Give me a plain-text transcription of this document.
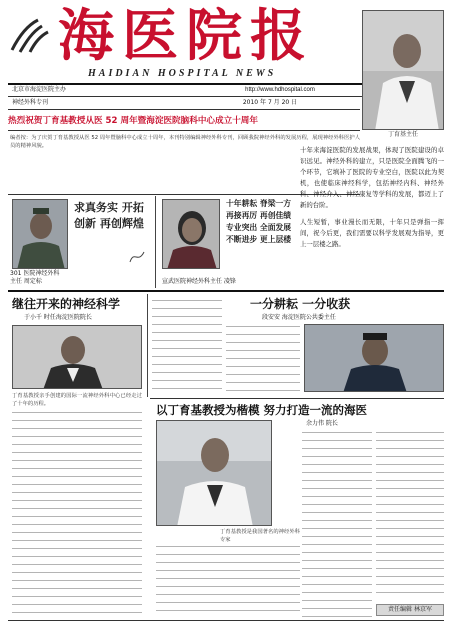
海医院报
HAIDIAN HOSPITAL NEWS
北京市海淀医院主办	http://www.hdhospital.com
神经外科专刊	2010 年 7 月 20 日
丁育基主任
热烈祝贺丁育基教授从医 52 周年暨海淀医院脑科中心成立十周年
编者按：为了庆贺丁育基教授从医 52 周年暨脑科中心成立十周年，本刊特别编辑神经外科专刊，回顾我院神经外科的发展历程，展现神经外科医护人员的精神风貌。	十年来海淀医院的发展战果，体现了医院建设的卓识远见。神经外科的建立，只是医院全面腾飞的一个环节，它填补了医院的专业空白，医院以此为契机，也使临床神经科学，包括神经内科、神经外科、神经介入、神经康复等学科的发展，都迈上了新的台阶。
人生短暂，事业漫长而无限，十年只是弹指一挥间，祝今后更，我们需要以科学发展观为指导，更上一层楼之路。
求真务实 开拓创新 再创辉煌
301 医院神经外科
主任 周定标
十年耕耘 脊梁一方 再接再厉 再创佳绩 专业突出 全面发展 不断进步 更上层楼
宣武医院神经外科主任 凌锋
继往开来的神经科学
于小千 时任海淀医院院长
丁育基教授亲手创建的国际一流神经外科中心已经走过了十年的历程。
一分耕耘 一分收获
段安安 海淀医院公共委主任
以丁育基教授为楷模 努力打造一流的海医
余力伟 院长
丁育基教授是我国著名的神经外科专家
责任编辑 林京军
